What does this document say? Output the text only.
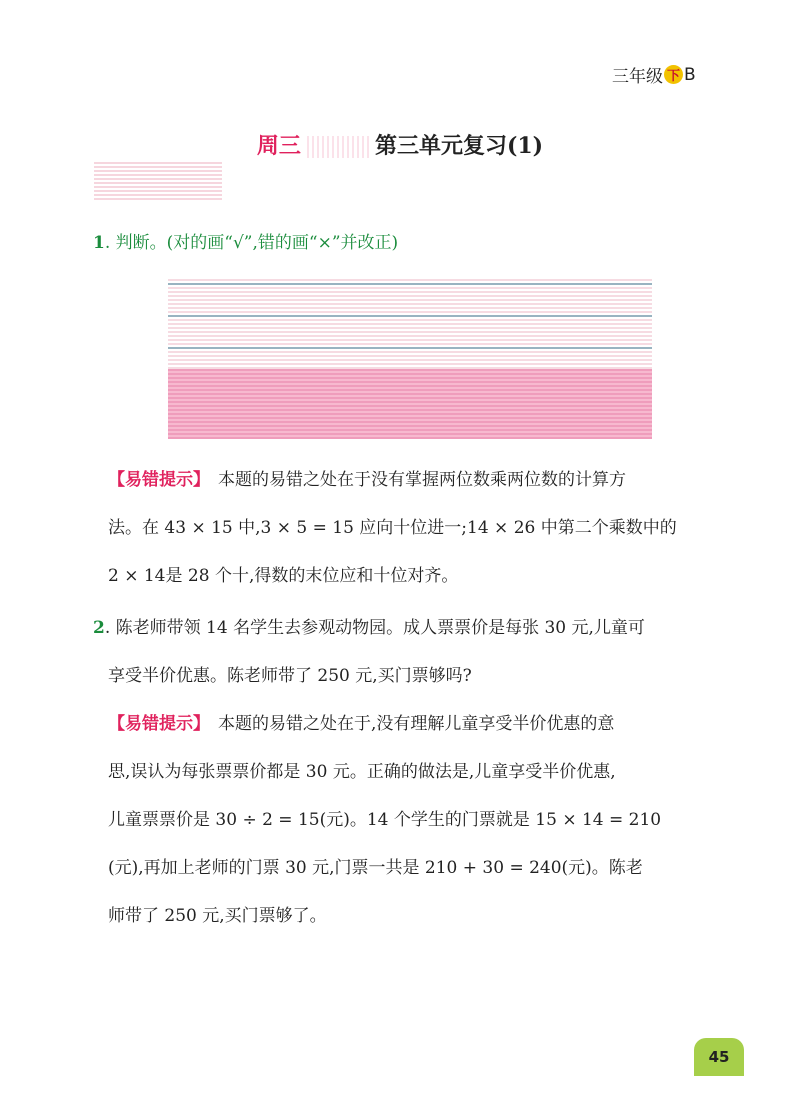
三年级 下 B
周三	第三单元复习(1)
1. 判断。(对的画“√”,错的画“×”并改正)
【易错提示】 本题的易错之处在于没有掌握两位数乘两位数的计算方
法。在 43 × 15 中,3 × 5 = 15 应向十位进一;14 × 26 中第二个乘数中的
2 × 14是 28 个十,得数的末位应和十位对齐。
2. 陈老师带领 14 名学生去参观动物园。成人票票价是每张 30 元,儿童可
享受半价优惠。陈老师带了 250 元,买门票够吗?
【易错提示】 本题的易错之处在于,没有理解儿童享受半价优惠的意
思,误认为每张票票价都是 30 元。正确的做法是,儿童享受半价优惠,
儿童票票价是 30 ÷ 2 = 15(元)。14 个学生的门票就是 15 × 14 = 210
(元),再加上老师的门票 30 元,门票一共是 210 + 30 = 240(元)。陈老
师带了 250 元,买门票够了。
45
